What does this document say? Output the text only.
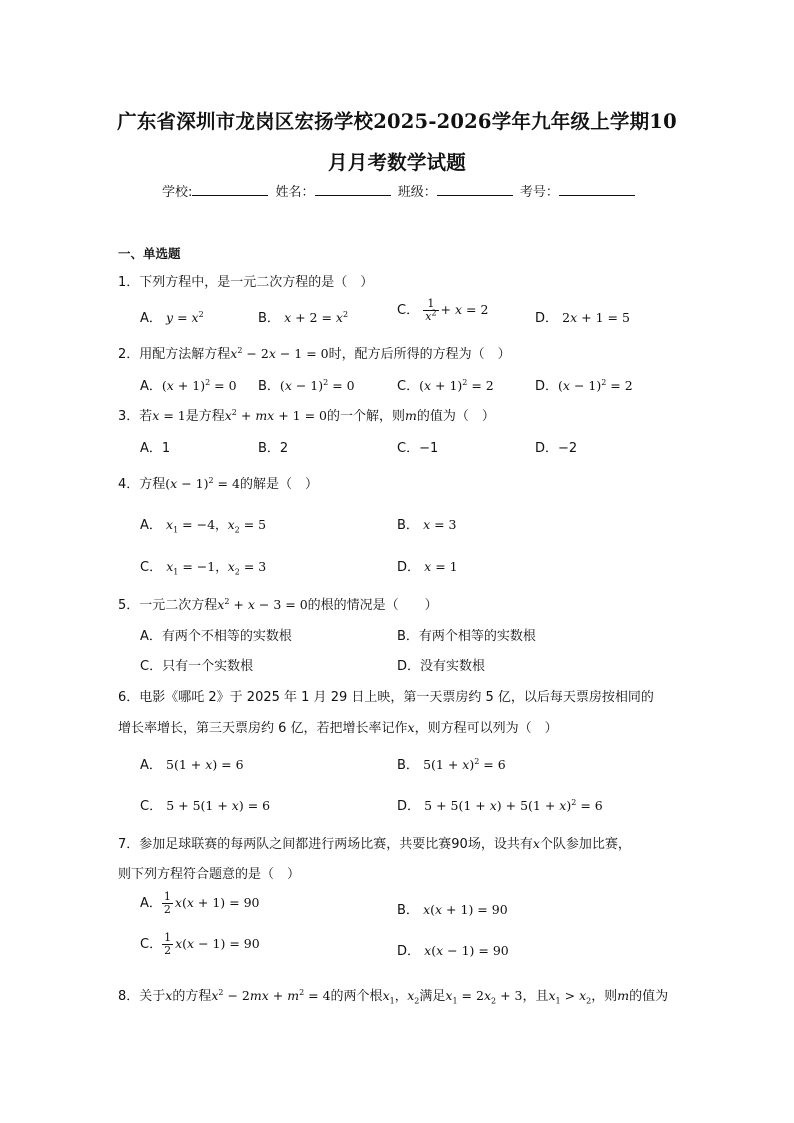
广东省深圳市龙岗区宏扬学校2025-2026学年九年级上学期10
月月考数学试题
学校:	姓名：	班级：	考号：
一、单选题
1．下列方程中，是一元二次方程的是（　）
A． $y = x^2$	B． $x + 2 = x^2$	C． $\frac{1}{x^2} + x = 2$
D． 2x + 1 = 5
2．用配方法解方程$x^2 - 2x - 1 = 0$时，配方后所得的方程为（　）
A．$(x + 1)^2 = 0$ B．$(x - 1)^2 = 0$	C．$(x + 1)^2 = 2$	D．$(x - 1)^2 = 2$
3．若x = 1是方程$x^2$ + mx + 1 = 0的一个解，则m的值为（　）
A．1	B．2	C．−1	D．−2
4．方程$(x - 1)^2 = 4$的解是（　）
A． $x_1 = -4$，$x_2 = 5$	B． x = 3
C． $x_1 = -1$，$x_2 = 3$	D． x = 1
5．一元二次方程$x^2 + x - 3 = 0$的根的情况是（　　）
A．有两个不相等的实数根	B．有两个相等的实数根
C．只有一个实数根	D．没有实数根
6．电影《哪吒 2》于 2025 年 1 月 29 日上映，第一天票房约 5 亿，以后每天票房按相同的
增长率增长，第三天票房约 6 亿，若把增长率记作x，则方程可以列为（　）
A． 5(1 + x) = 6	B． $5(1 + x)^2 = 6$
C． 5 + 5(1 + x) = 6	D． $5 + 5(1 + x) + 5(1 + x)^2 = 6$
7．参加足球联赛的每两队之间都进行两场比赛，共要比赛90场，设共有x个队参加比赛，
则下列方程符合题意的是（　）
A． $\frac{1}{2} x(x + 1) = 90$
B． x(x + 1) = 90
C． $\frac{1}{2} x(x - 1) = 90$
D． x(x − 1) = 90
8．关于x的方程$x^2 - 2mx + m^2 = 4$的两个根$x_1$，$x_2$满足$x_1 = 2x_2 + 3$，且$x_1 > x_2$，则m的值为
